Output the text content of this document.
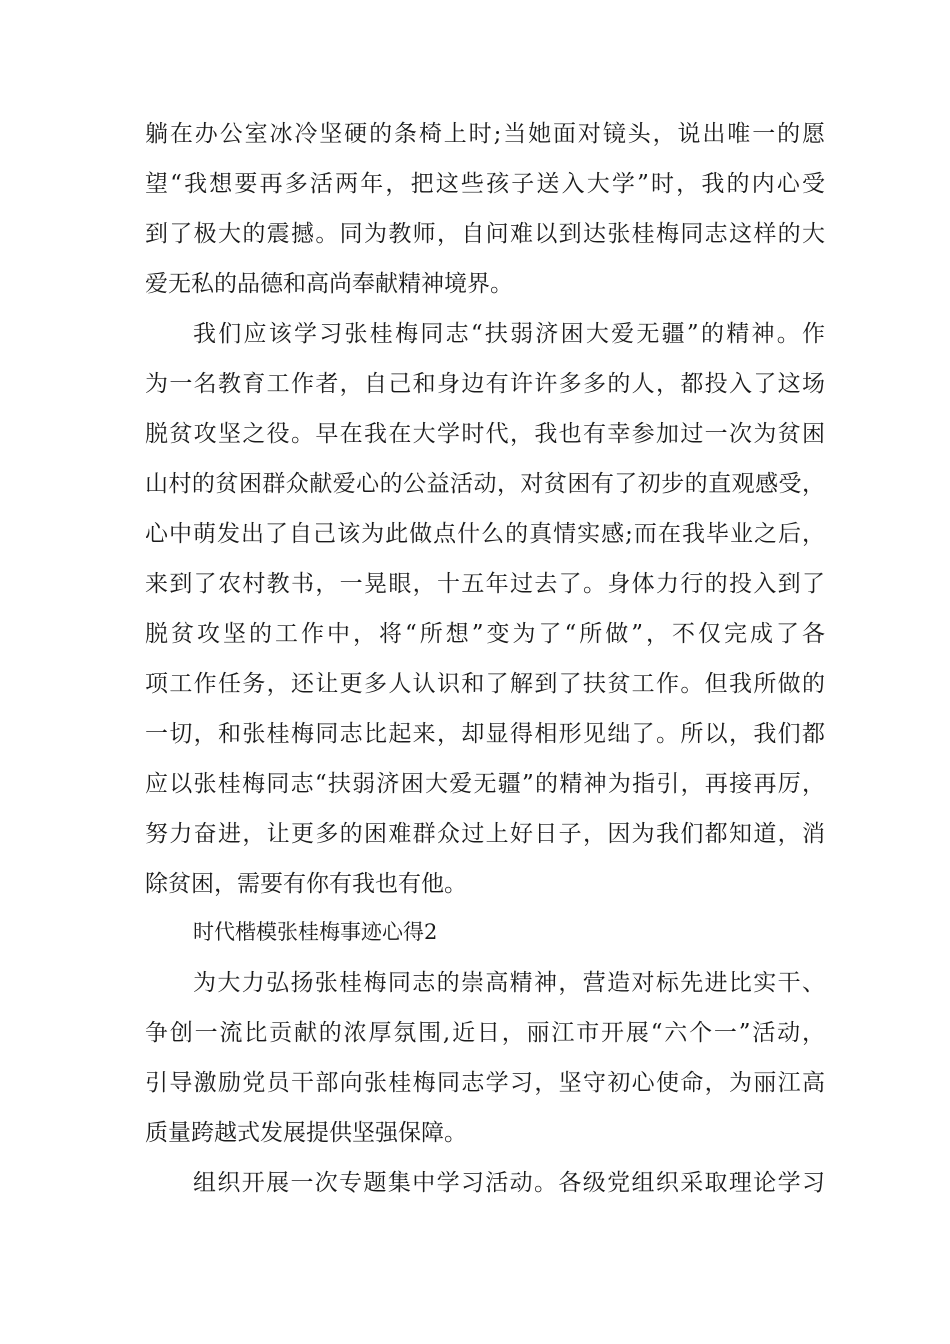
躺在办公室冰冷坚硬的条椅上时;当她面对镜头，说出唯一的愿
望“我想要再多活两年，把这些孩子送入大学”时，我的内心受
到了极大的震撼。同为教师，自问难以到达张桂梅同志这样的大
爱无私的品德和高尚奉献精神境界。
我们应该学习张桂梅同志“扶弱济困大爱无疆”的精神。作
为一名教育工作者，自己和身边有许许多多的人，都投入了这场
脱贫攻坚之役。早在我在大学时代，我也有幸参加过一次为贫困
山村的贫困群众献爱心的公益活动，对贫困有了初步的直观感受，
心中萌发出了自己该为此做点什么的真情实感;而在我毕业之后，
来到了农村教书，一晃眼，十五年过去了。身体力行的投入到了
脱贫攻坚的工作中，将“所想”变为了“所做”，不仅完成了各
项工作任务，还让更多人认识和了解到了扶贫工作。但我所做的
一切，和张桂梅同志比起来，却显得相形见绌了。所以，我们都
应以张桂梅同志“扶弱济困大爱无疆”的精神为指引，再接再厉，
努力奋进，让更多的困难群众过上好日子，因为我们都知道，消
除贫困，需要有你有我也有他。
时代楷模张桂梅事迹心得2
为大力弘扬张桂梅同志的崇高精神，营造对标先进比实干、
争创一流比贡献的浓厚氛围,近日，丽江市开展“六个一”活动，
引导激励党员干部向张桂梅同志学习，坚守初心使命，为丽江高
质量跨越式发展提供坚强保障。
组织开展一次专题集中学习活动。各级党组织采取理论学习
